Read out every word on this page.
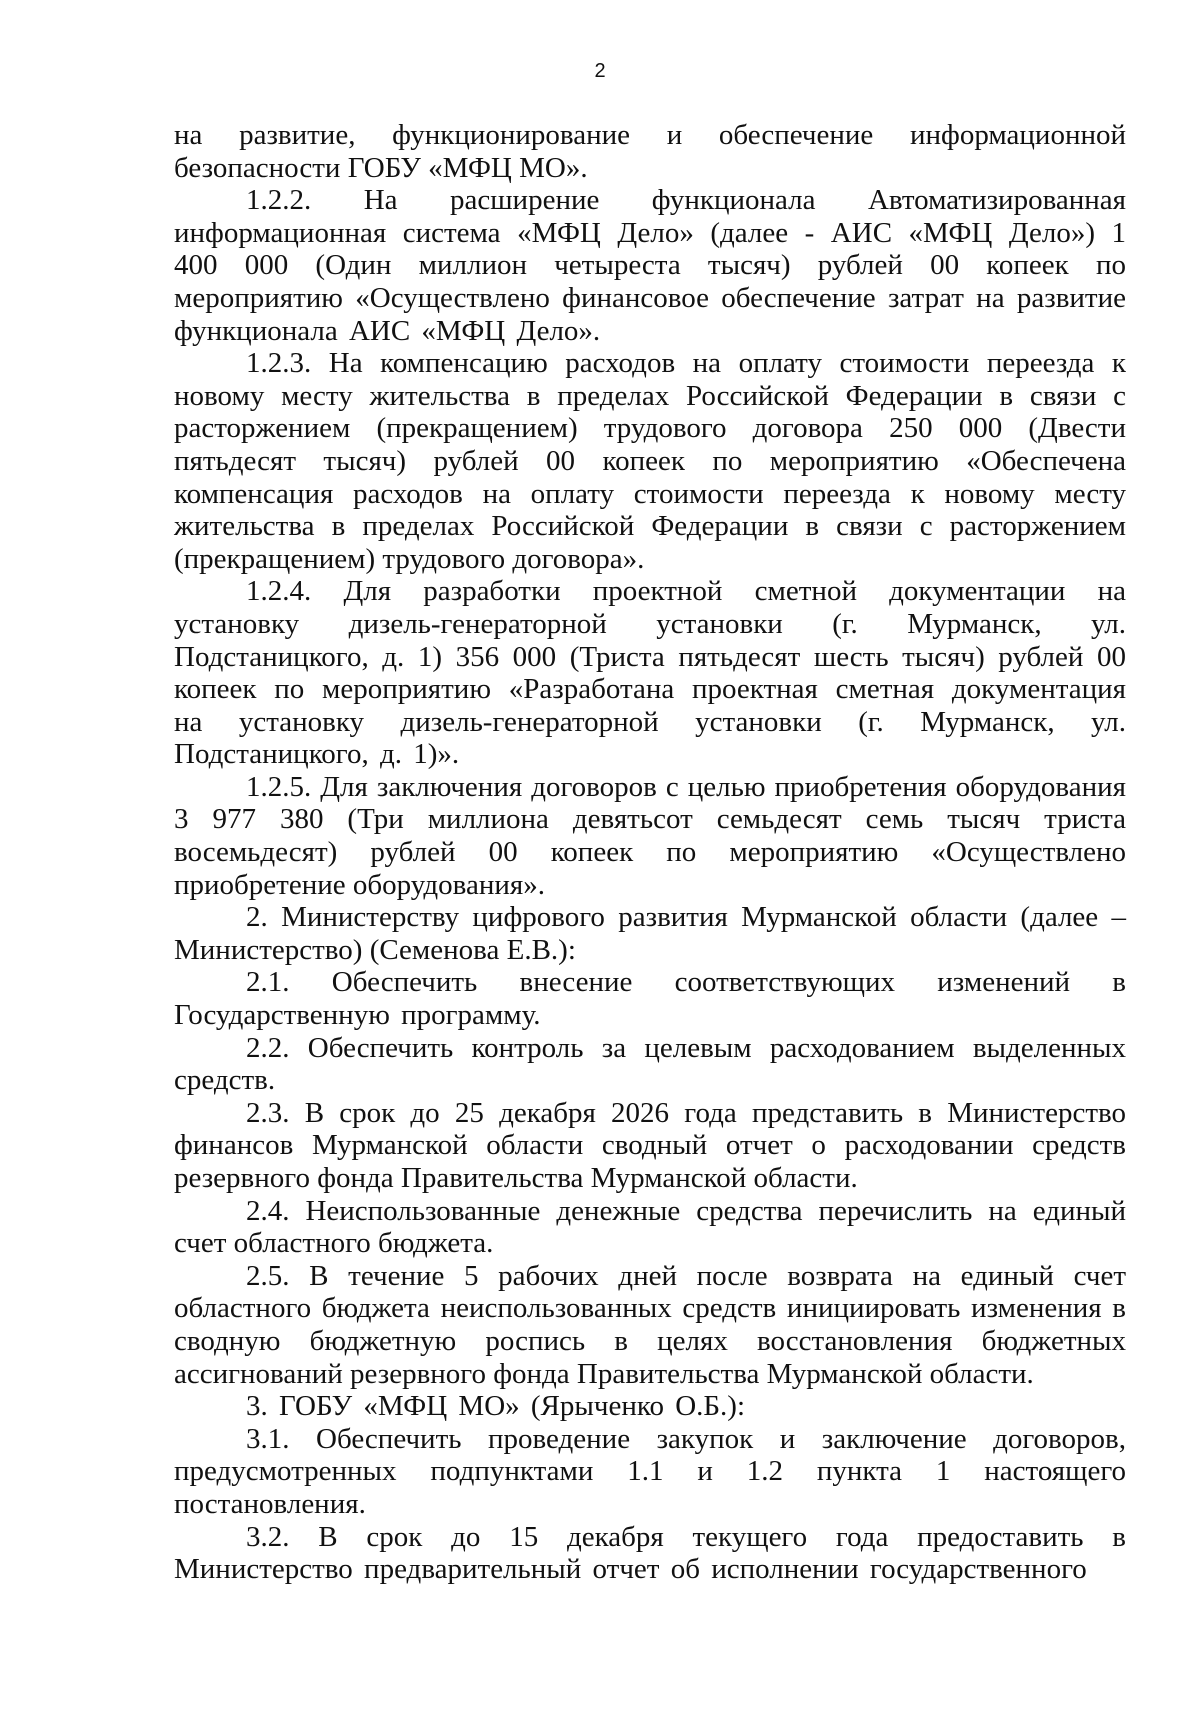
2

на развитие, функционирование и обеспечение информационной безопасности ГОБУ «МФЦ МО».

1.2.2. На расширение функционала Автоматизированная информационная система «МФЦ Дело» (далее - АИС «МФЦ Дело») 1 400 000 (Один миллион четыреста тысяч) рублей 00 копеек по мероприятию «Осуществлено финансовое обеспечение затрат на развитие функционала АИС «МФЦ Дело».

1.2.3. На компенсацию расходов на оплату стоимости переезда к новому месту жительства в пределах Российской Федерации в связи с расторжением (прекращением) трудового договора 250 000 (Двести пятьдесят тысяч) рублей 00 копеек по мероприятию «Обеспечена компенсация расходов на оплату стоимости переезда к новому месту жительства в пределах Российской Федерации в связи с расторжением (прекращением) трудового договора».

1.2.4. Для разработки проектной сметной документации на установку дизель-генераторной установки (г. Мурманск, ул. Подстаницкого, д. 1) 356 000 (Триста пятьдесят шесть тысяч) рублей 00 копеек по мероприятию «Разработана проектная сметная документация на установку дизель-генераторной установки (г. Мурманск, ул. Подстаницкого, д. 1)».

1.2.5. Для заключения договоров с целью приобретения оборудования 3 977 380 (Три миллиона девятьсот семьдесят семь тысяч триста восемьдесят) рублей 00 копеек по мероприятию «Осуществлено приобретение оборудования».

2. Министерству цифрового развития Мурманской области (далее – Министерство) (Семенова Е.В.):

2.1. Обеспечить внесение соответствующих изменений в Государственную программу.

2.2. Обеспечить контроль за целевым расходованием выделенных средств.

2.3. В срок до 25 декабря 2026 года представить в Министерство финансов Мурманской области сводный отчет о расходовании средств резервного фонда Правительства Мурманской области.

2.4. Неиспользованные денежные средства перечислить на единый счет областного бюджета.

2.5. В течение 5 рабочих дней после возврата на единый счет областного бюджета неиспользованных средств инициировать изменения в сводную бюджетную роспись в целях восстановления бюджетных ассигнований резервного фонда Правительства Мурманской области.

3. ГОБУ «МФЦ МО» (Ярыченко О.Б.):

3.1. Обеспечить проведение закупок и заключение договоров, предусмотренных подпунктами 1.1 и 1.2 пункта 1 настоящего постановления.

3.2. В срок до 15 декабря текущего года предоставить в Министерство предварительный отчет об исполнении государственного
